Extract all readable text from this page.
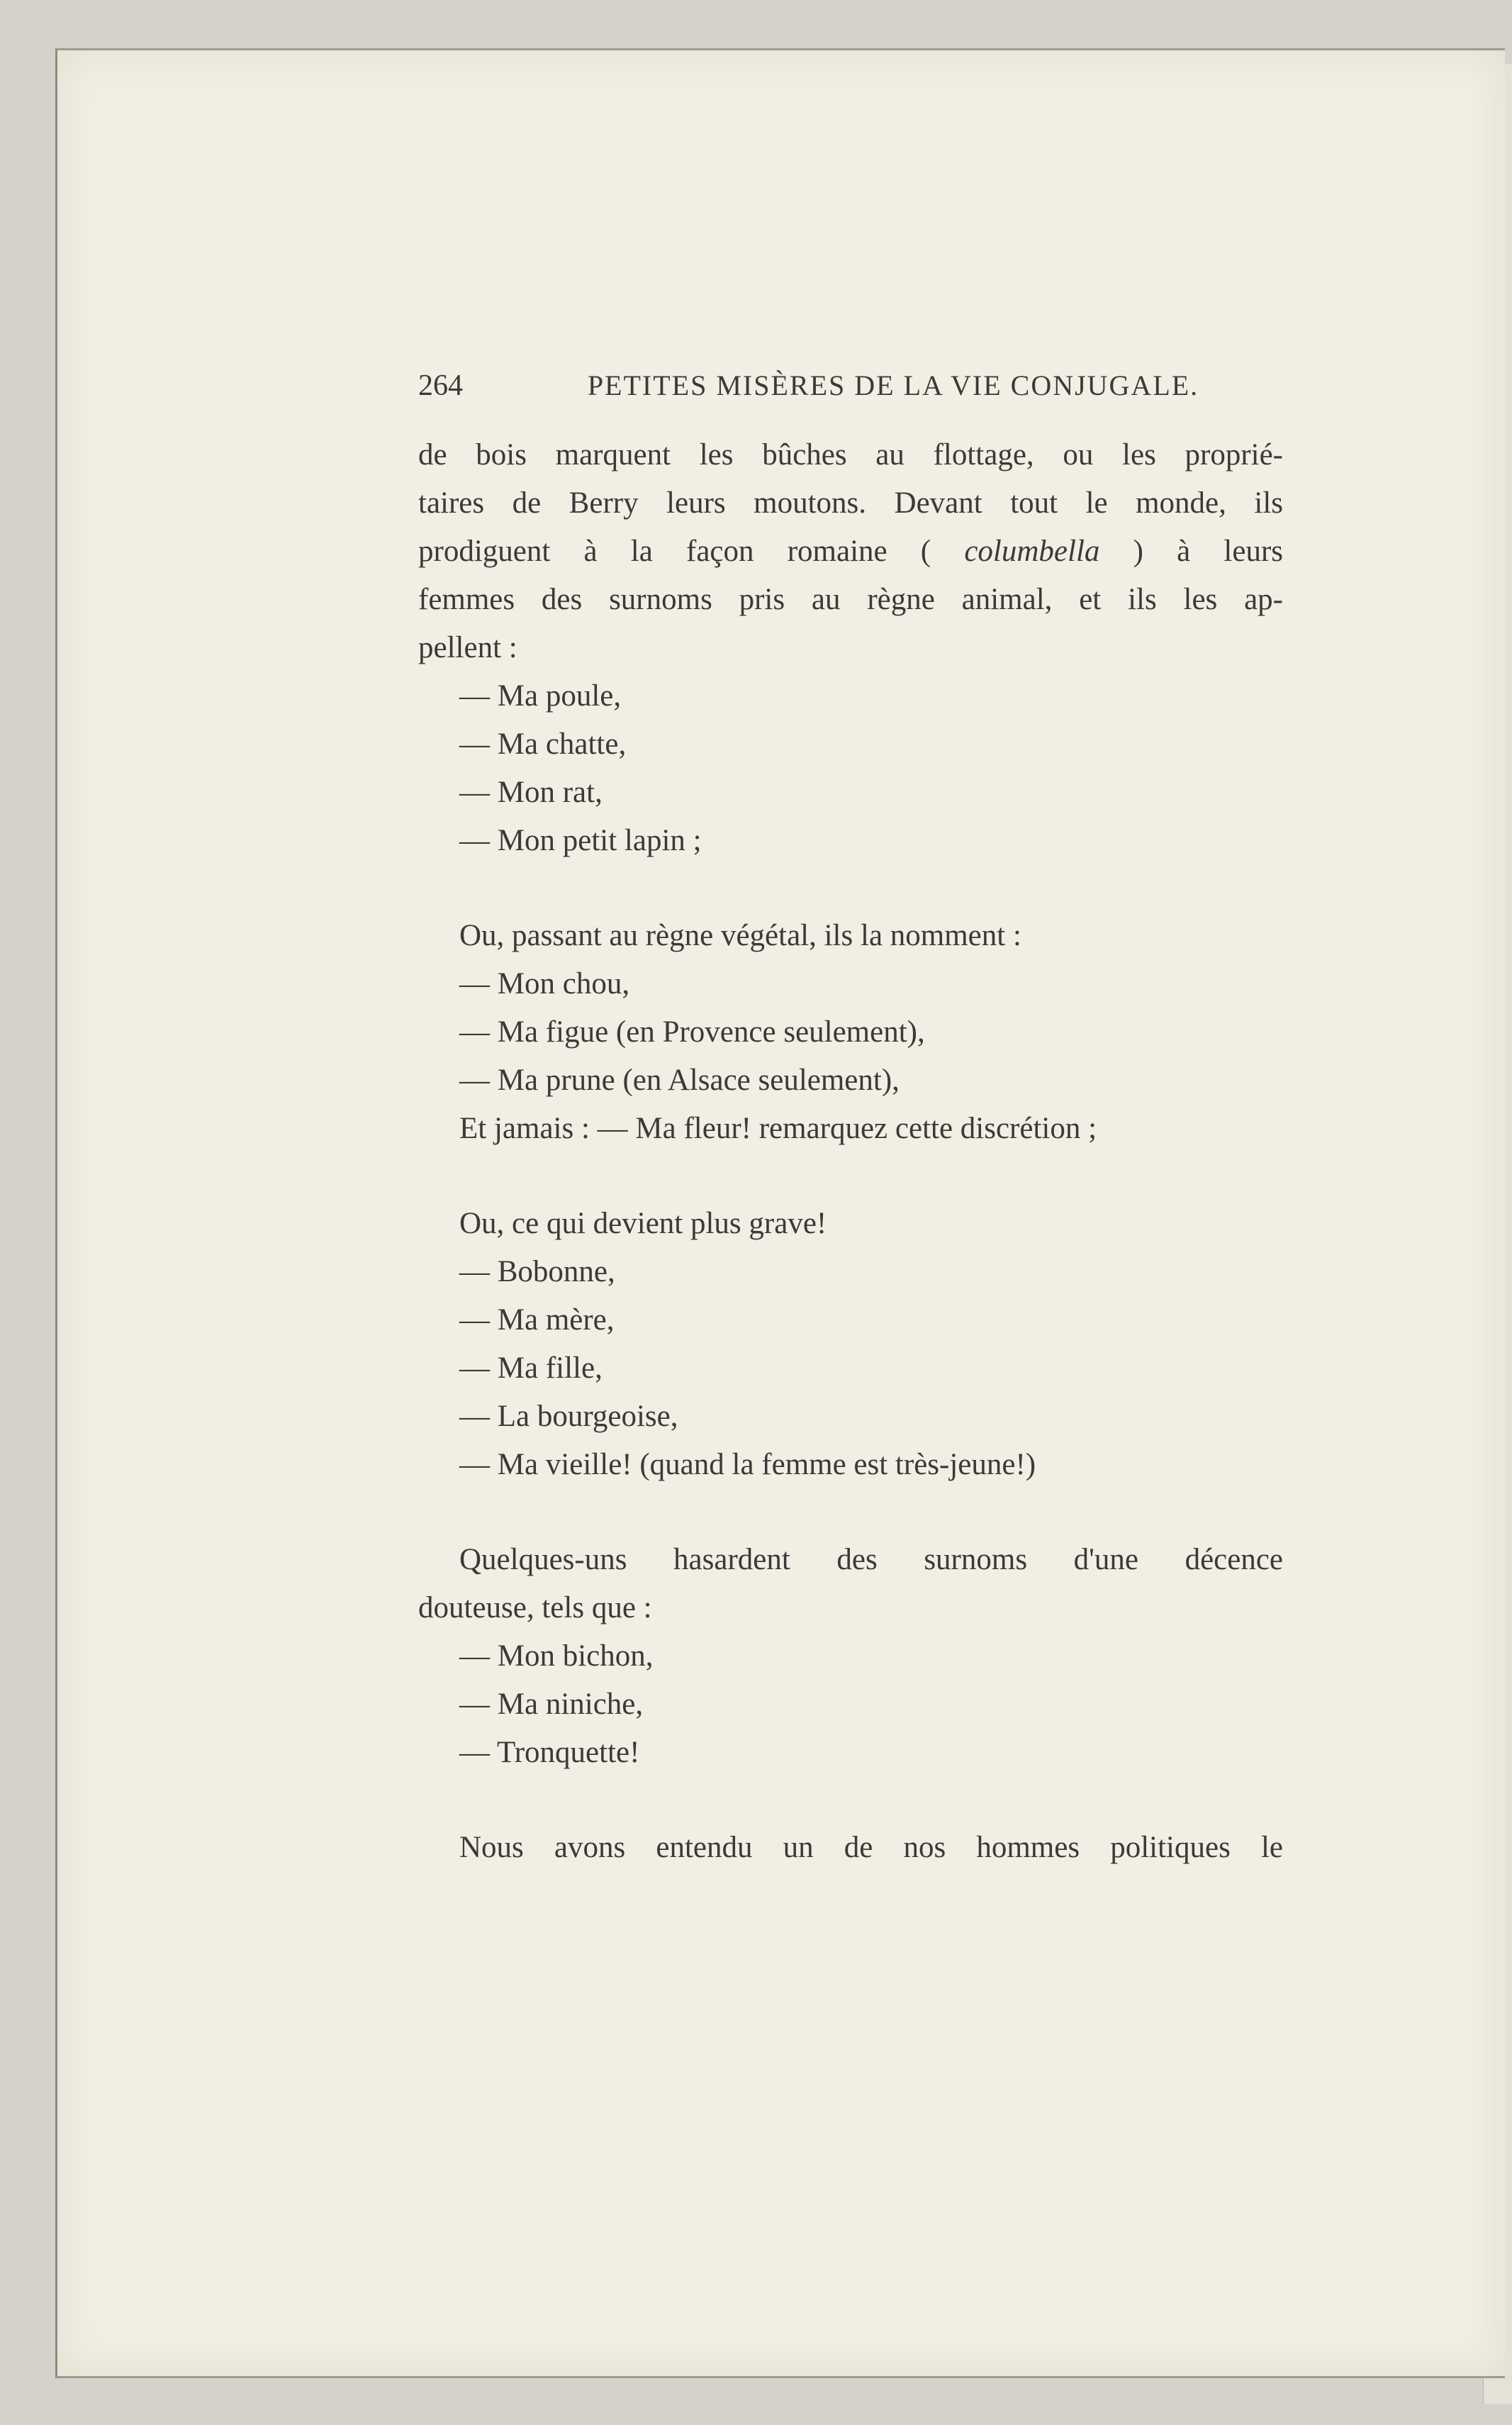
264	PETITES MISÈRES DE LA VIE CONJUGALE.
de bois marquent les bûches au flottage, ou les proprié-
taires de Berry leurs moutons. Devant tout le monde, ils
prodiguent à la façon romaine ( columbella ) à leurs
femmes des surnoms pris au règne animal, et ils les ap-
pellent :
— Ma poule,
— Ma chatte,
— Mon rat,
— Mon petit lapin ;
Ou, passant au règne végétal, ils la nomment :
— Mon chou,
— Ma figue (en Provence seulement),
— Ma prune (en Alsace seulement),
Et jamais : — Ma fleur! remarquez cette discrétion ;
Ou, ce qui devient plus grave!
— Bobonne,
— Ma mère,
— Ma fille,
— La bourgeoise,
— Ma vieille! (quand la femme est très-jeune!)
Quelques-uns hasardent des surnoms d'une décence
douteuse, tels que :
— Mon bichon,
— Ma niniche,
— Tronquette!
Nous avons entendu un de nos hommes politiques le
